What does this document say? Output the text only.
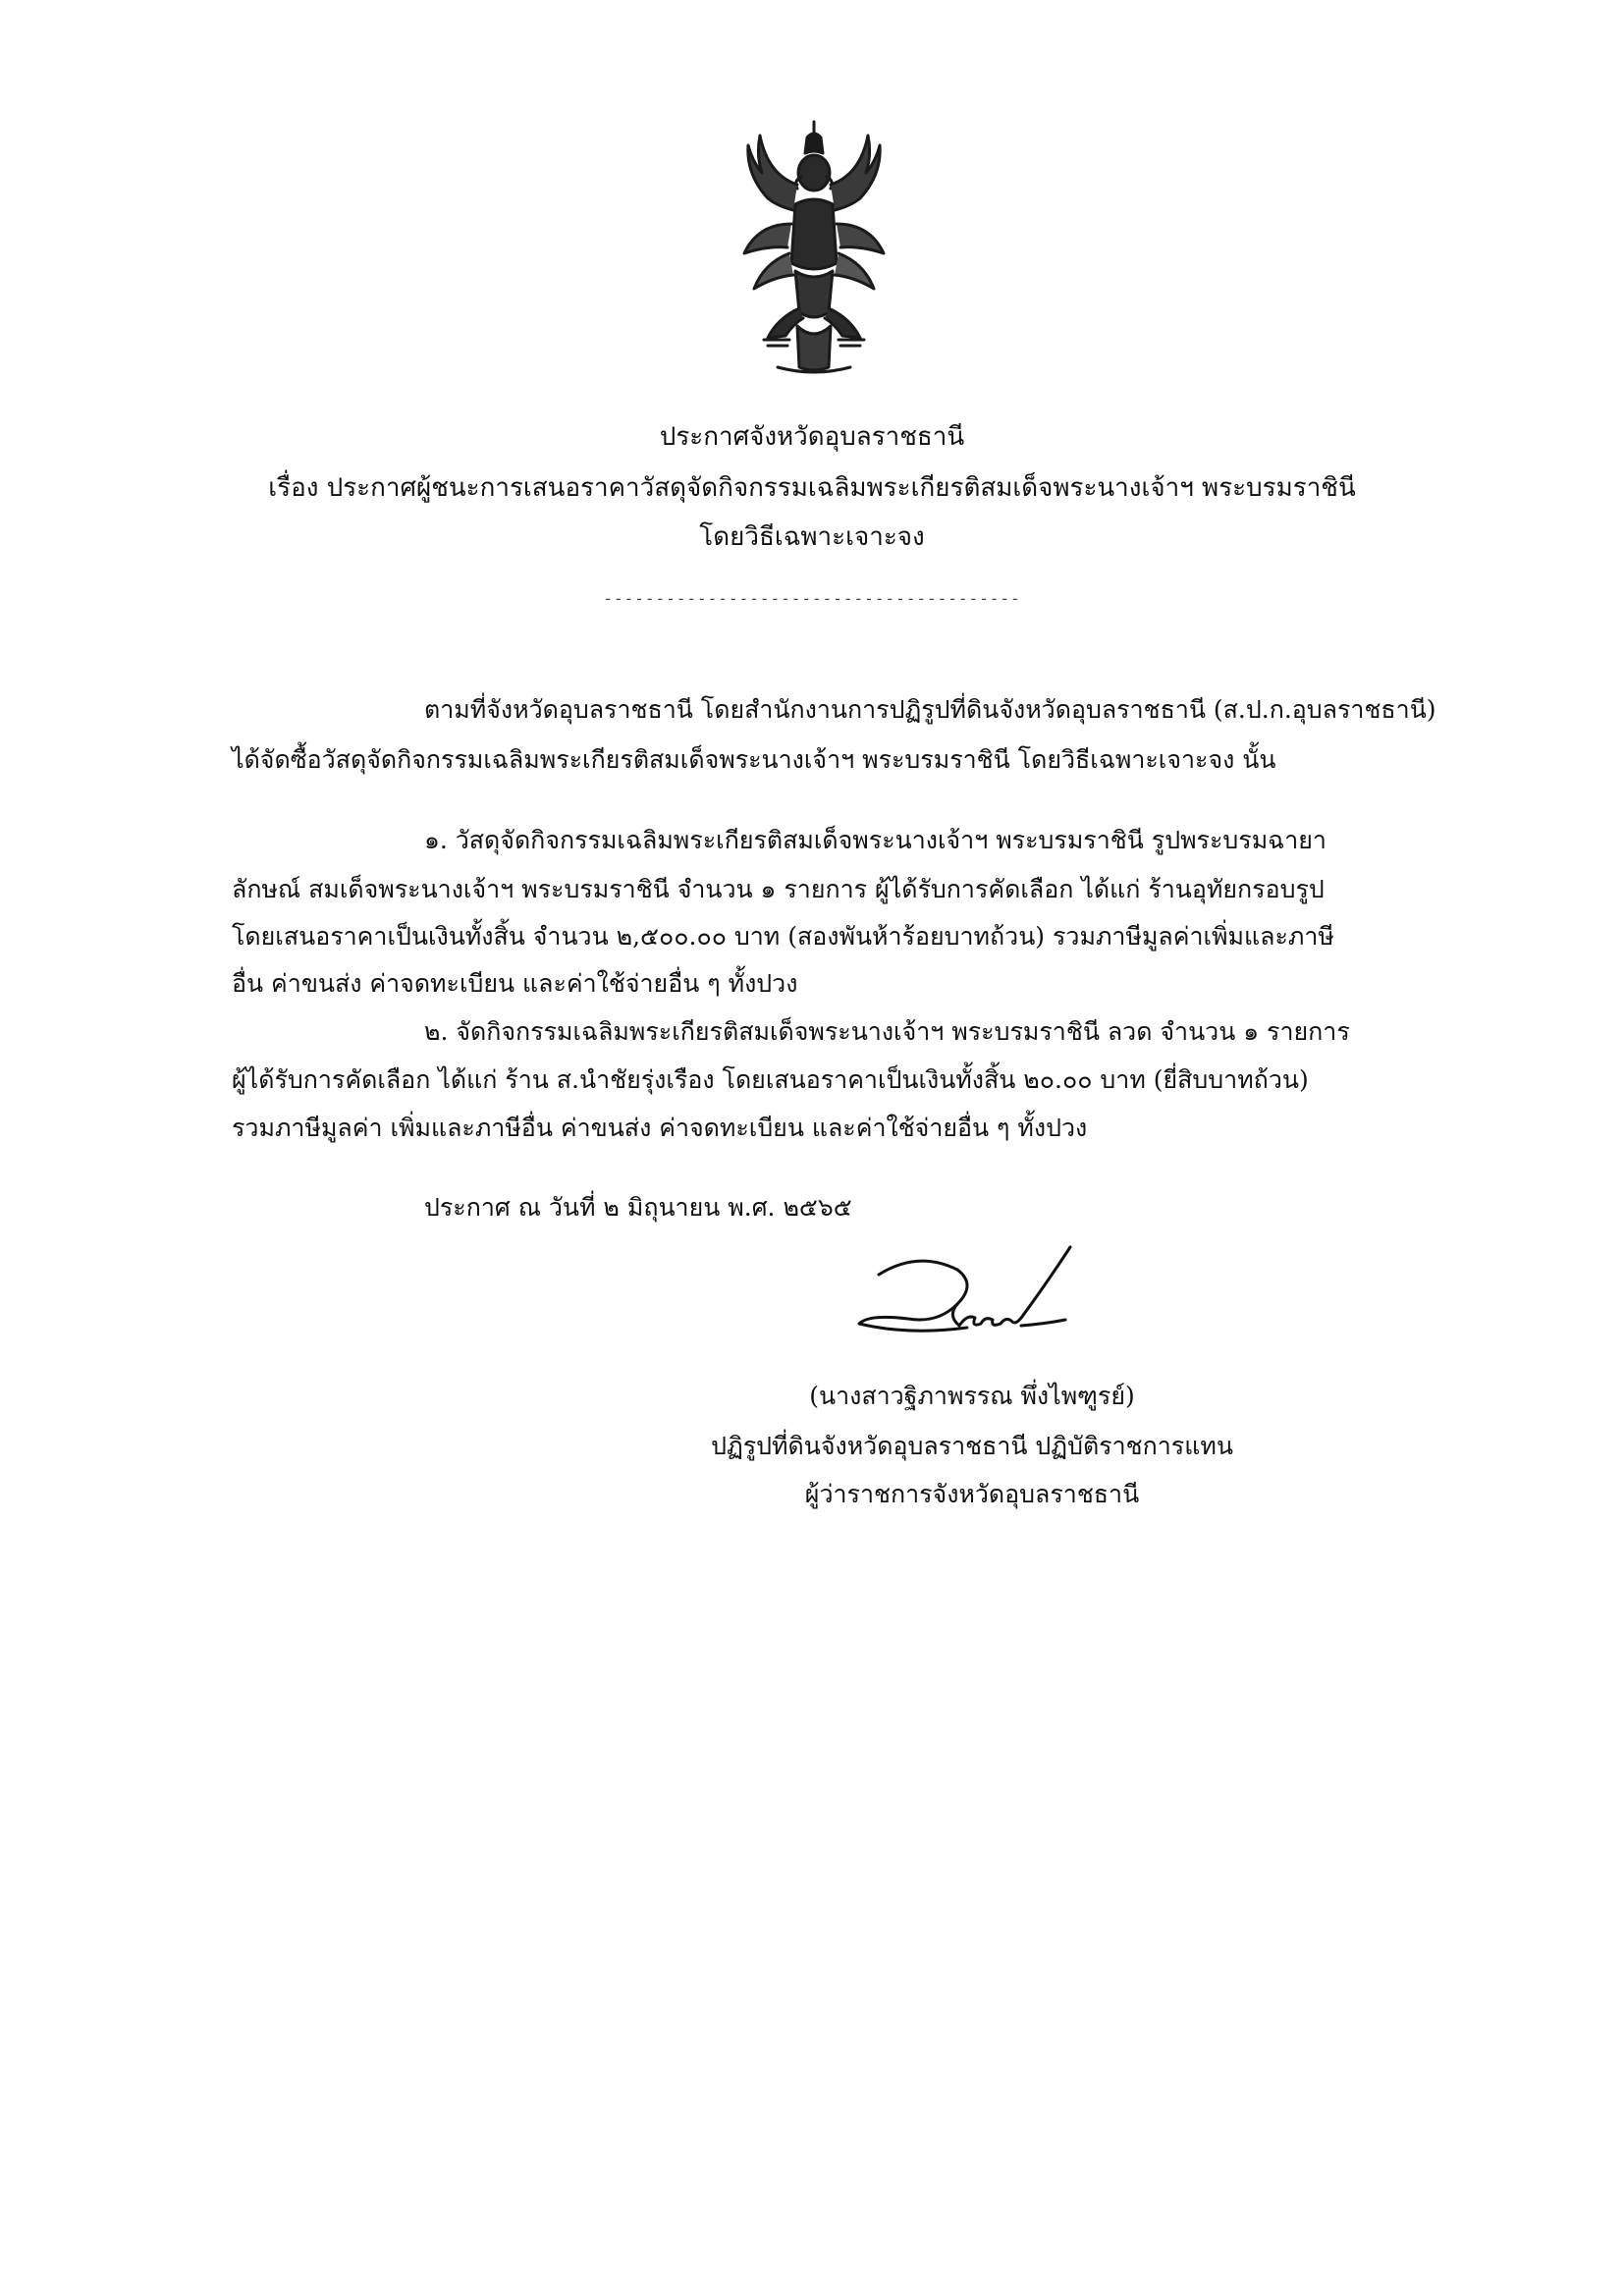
ประกาศจังหวัดอุบลราชธานี
เรื่อง ประกาศผู้ชนะการเสนอราคาวัสดุจัดกิจกรรมเฉลิมพระเกียรติสมเด็จพระนางเจ้าฯ พระบรมราชินี
โดยวิธีเฉพาะเจาะจง
----------------------------------------
ตามที่จังหวัดอุบลราชธานี โดยสำนักงานการปฏิรูปที่ดินจังหวัดอุบลราชธานี (ส.ป.ก.อุบลราชธานี)
ได้จัดซื้อวัสดุจัดกิจกรรมเฉลิมพระเกียรติสมเด็จพระนางเจ้าฯ พระบรมราชินี โดยวิธีเฉพาะเจาะจง นั้น
๑. วัสดุจัดกิจกรรมเฉลิมพระเกียรติสมเด็จพระนางเจ้าฯ พระบรมราชินี รูปพระบรมฉายา
ลักษณ์ สมเด็จพระนางเจ้าฯ พระบรมราชินี จำนวน ๑ รายการ ผู้ได้รับการคัดเลือก ได้แก่ ร้านอุทัยกรอบรูป
โดยเสนอราคาเป็นเงินทั้งสิ้น จำนวน ๒,๕๐๐.๐๐ บาท (สองพันห้าร้อยบาทถ้วน) รวมภาษีมูลค่าเพิ่มและภาษี
อื่น ค่าขนส่ง ค่าจดทะเบียน และค่าใช้จ่ายอื่น ๆ ทั้งปวง
๒. จัดกิจกรรมเฉลิมพระเกียรติสมเด็จพระนางเจ้าฯ พระบรมราชินี ลวด จำนวน ๑ รายการ
ผู้ได้รับการคัดเลือก ได้แก่ ร้าน ส.นำชัยรุ่งเรือง โดยเสนอราคาเป็นเงินทั้งสิ้น ๒๐.๐๐ บาท (ยี่สิบบาทถ้วน)
รวมภาษีมูลค่า เพิ่มและภาษีอื่น ค่าขนส่ง ค่าจดทะเบียน และค่าใช้จ่ายอื่น ๆ ทั้งปวง
ประกาศ ณ วันที่ ๒ มิถุนายน พ.ศ. ๒๕๖๕
(นางสาวฐิภาพรรณ พึ่งไพฑูรย์)
ปฏิรูปที่ดินจังหวัดอุบลราชธานี ปฏิบัติราชการแทน
ผู้ว่าราชการจังหวัดอุบลราชธานี
